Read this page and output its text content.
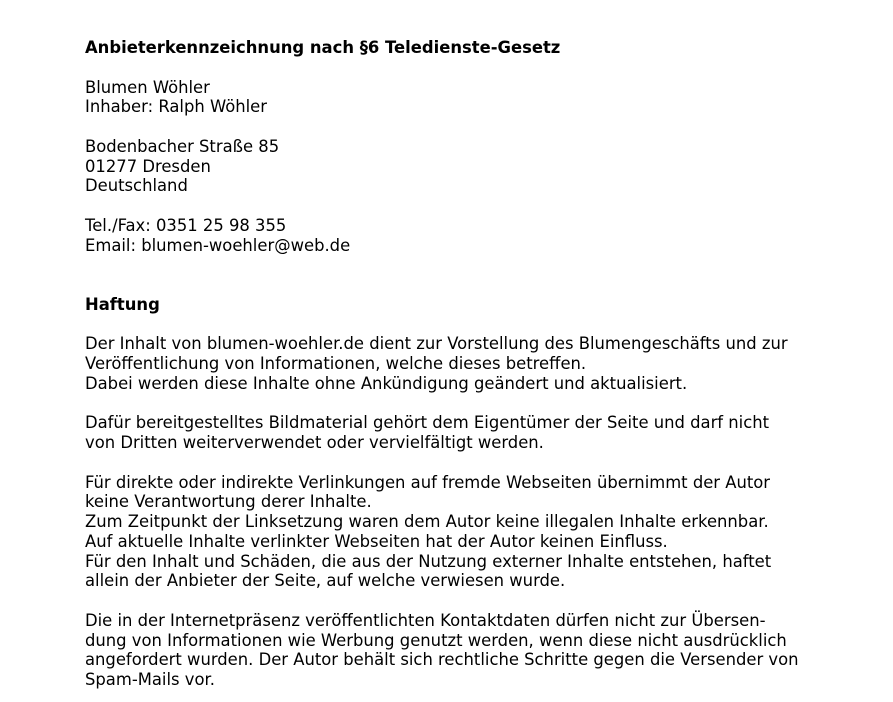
Anbieterkennzeichnung nach §6 Teledienste-Gesetz
Blumen Wöhler
Inhaber: Ralph Wöhler
Bodenbacher Straße 85
01277 Dresden
Deutschland
Tel./Fax: 0351 25 98 355
Email: blumen-woehler@web.de
Haftung
Der Inhalt von blumen-woehler.de dient zur Vorstellung des Blumengeschäfts und zur
Veröffentlichung von Informationen, welche dieses betreffen.
Dabei werden diese Inhalte ohne Ankündigung geändert und aktualisiert.
Dafür bereitgestelltes Bildmaterial gehört dem Eigentümer der Seite und darf nicht
von Dritten weiterverwendet oder vervielfältigt werden.
Für direkte oder indirekte Verlinkungen auf fremde Webseiten übernimmt der Autor
keine Verantwortung derer Inhalte.
Zum Zeitpunkt der Linksetzung waren dem Autor keine illegalen Inhalte erkennbar.
Auf aktuelle Inhalte verlinkter Webseiten hat der Autor keinen Einfluss.
Für den Inhalt und Schäden, die aus der Nutzung externer Inhalte entstehen, haftet
allein der Anbieter der Seite, auf welche verwiesen wurde.
Die in der Internetpräsenz veröffentlichten Kontaktdaten dürfen nicht zur Übersen-
dung von Informationen wie Werbung genutzt werden, wenn diese nicht ausdrücklich
angefordert wurden. Der Autor behält sich rechtliche Schritte gegen die Versender von
Spam-Mails vor.
